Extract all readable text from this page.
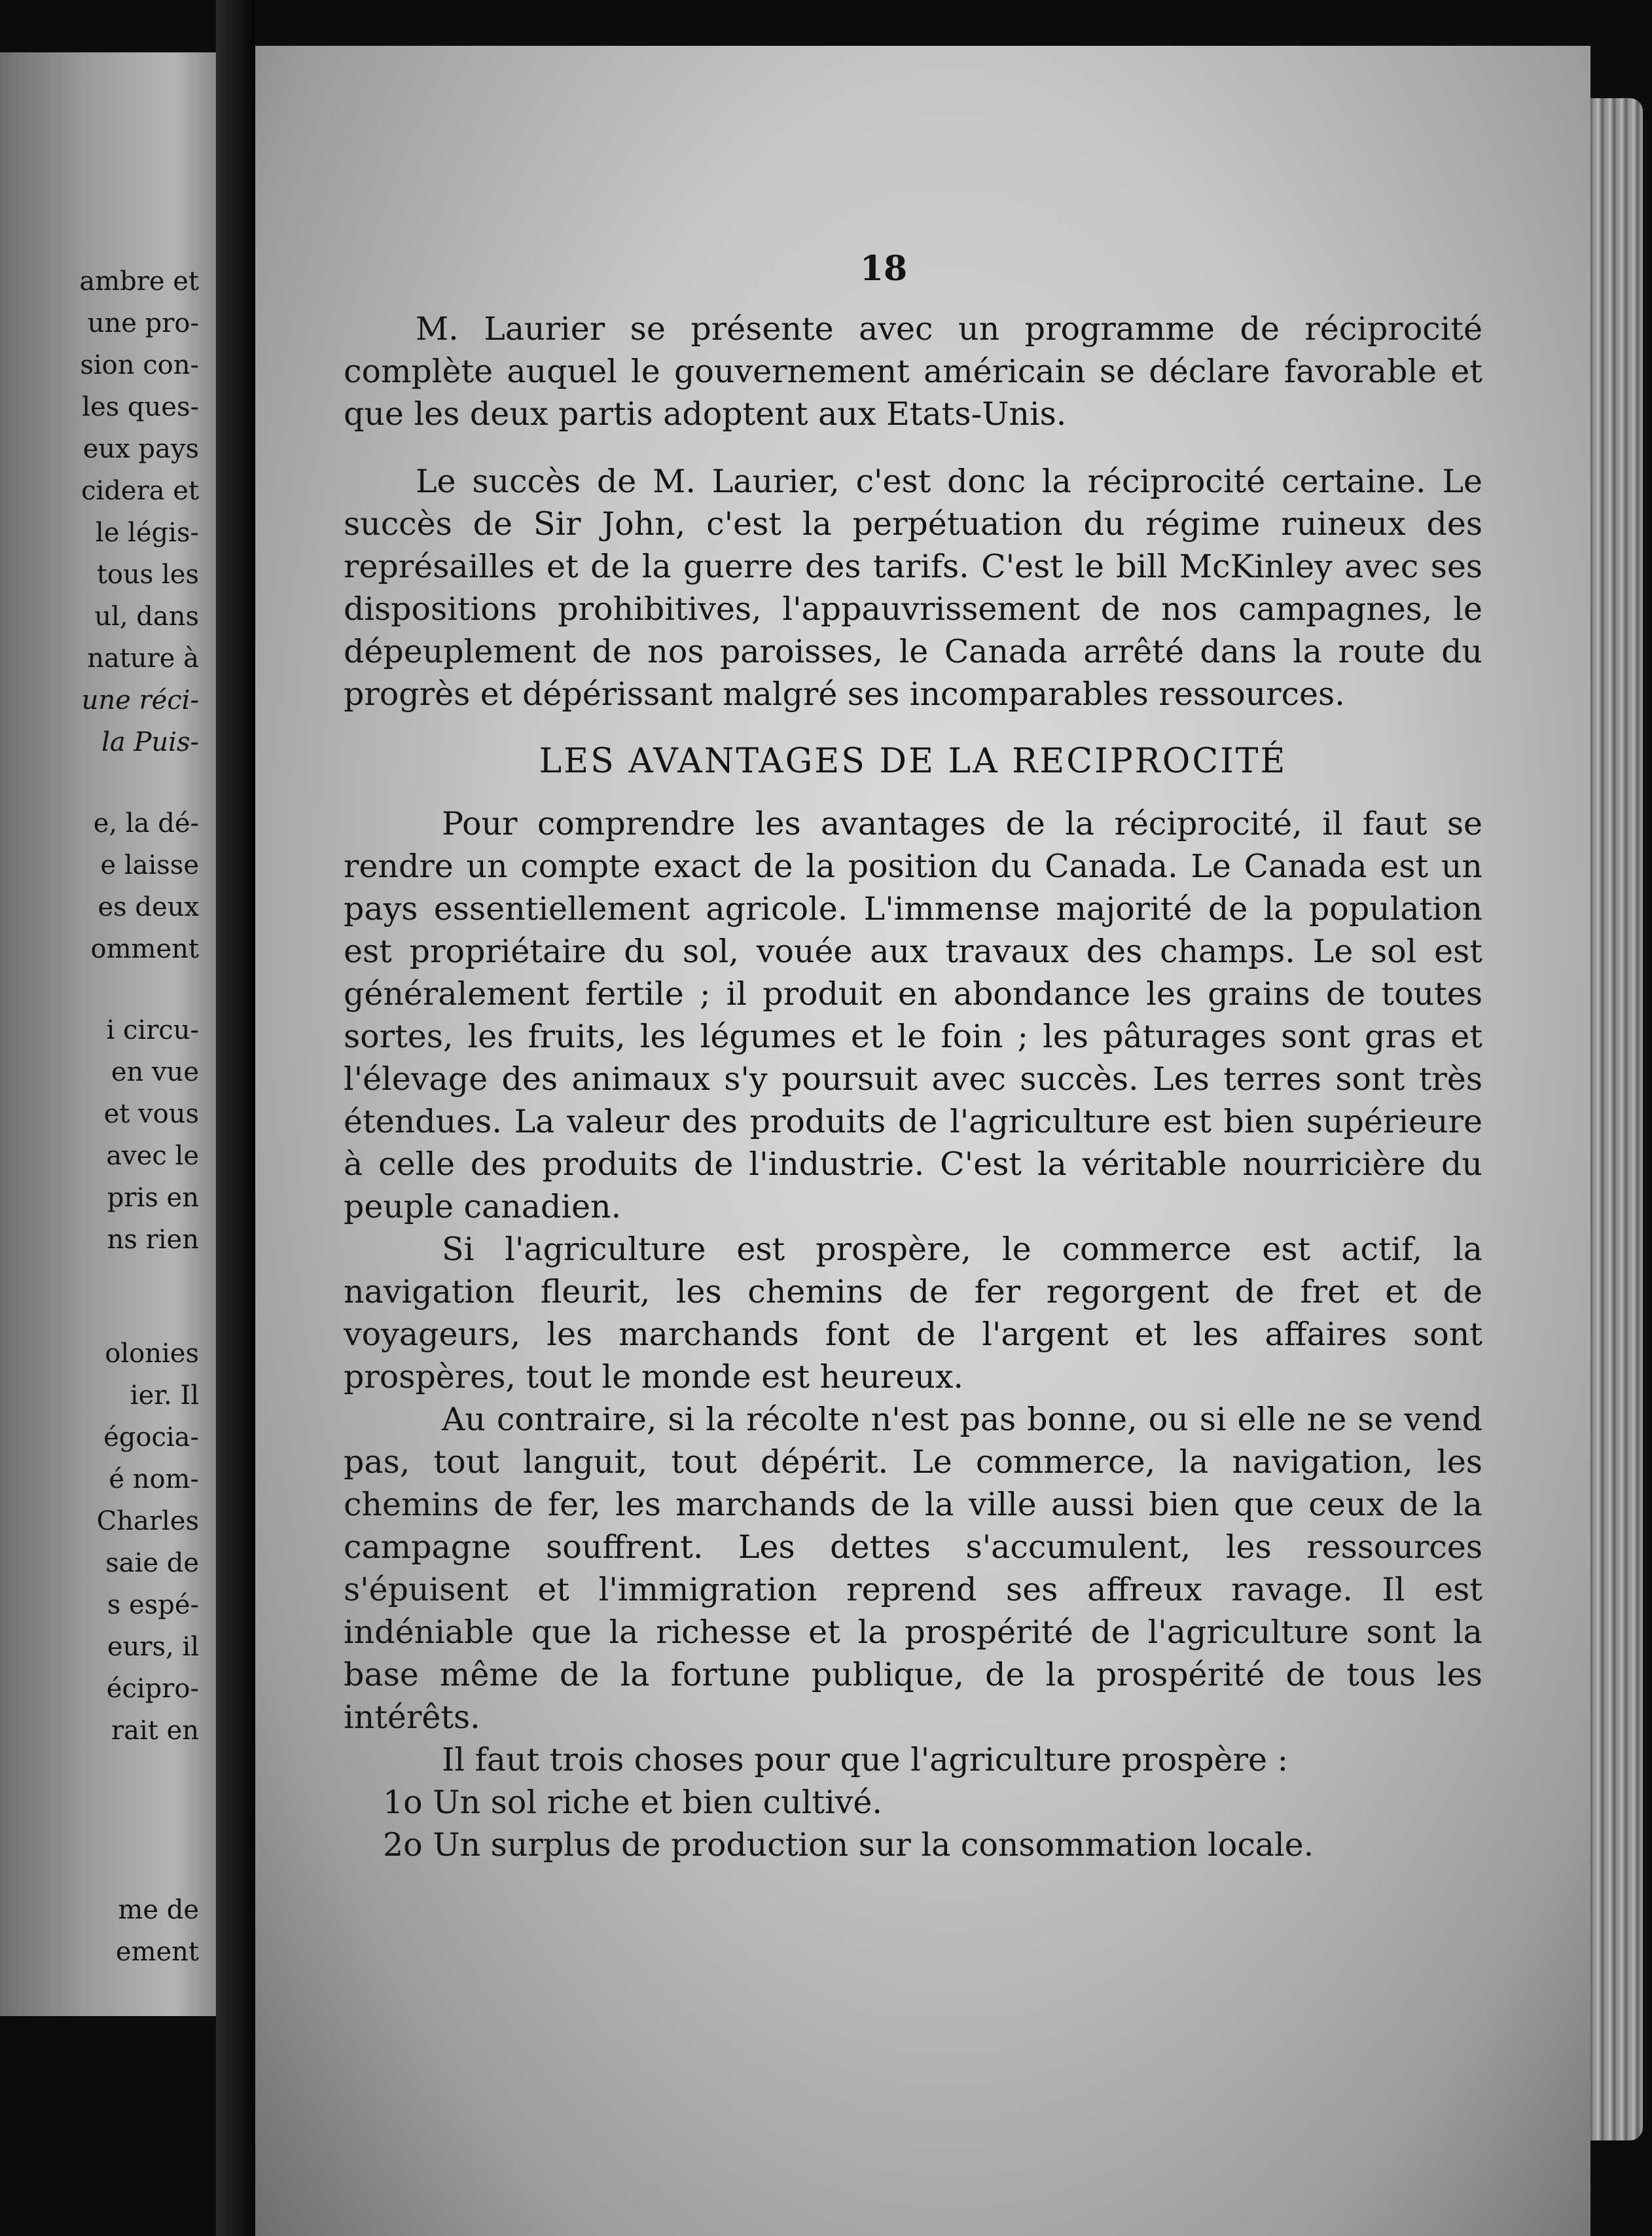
ambre et
une pro-
sion con-
les ques-
eux pays
cidera et
le légis-
tous les
ul, dans
nature à
une réci-
la Puis-
e, la dé-
e laisse
es deux
omment
i circu-
en vue
et vous
avec le
pris en
ns rien
olonies
ier. Il
égocia-
é nom-
Charles
saie de
s espé-
eurs, il
écipro-
rait en
me de
ement
18

M. Laurier se présente avec un programme de réciprocité complète auquel le gouvernement américain se déclare favorable et que les deux partis adoptent aux Etats-Unis.

Le succès de M. Laurier, c'est donc la réciprocité certaine. Le succès de Sir John, c'est la perpétuation du régime ruineux des représailles et de la guerre des tarifs. C'est le bill McKinley avec ses dispositions prohibitives, l'appauvrissement de nos campagnes, le dépeuplement de nos paroisses, le Canada arrêté dans la route du progrès et dépérissant malgré ses incomparables ressources.

LES AVANTAGES DE LA RECIPROCITÉ

Pour comprendre les avantages de la réciprocité, il faut se rendre un compte exact de la position du Canada. Le Canada est un pays essentiellement agricole. L'immense majorité de la population est propriétaire du sol, vouée aux travaux des champs. Le sol est généralement fertile ; il produit en abondance les grains de toutes sortes, les fruits, les légumes et le foin ; les pâturages sont gras et l'élevage des animaux s'y poursuit avec succès. Les terres sont très étendues. La valeur des produits de l'agriculture est bien supérieure à celle des produits de l'industrie. C'est la véritable nourricière du peuple canadien.

Si l'agriculture est prospère, le commerce est actif, la navigation fleurit, les chemins de fer regorgent de fret et de voyageurs, les marchands font de l'argent et les affaires sont prospères, tout le monde est heureux.

Au contraire, si la récolte n'est pas bonne, ou si elle ne se vend pas, tout languit, tout dépérit. Le commerce, la navigation, les chemins de fer, les marchands de la ville aussi bien que ceux de la campagne souffrent. Les dettes s'accumulent, les ressources s'épuisent et l'immigration reprend ses affreux ravage. Il est indéniable que la richesse et la prospérité de l'agriculture sont la base même de la fortune publique, de la prospérité de tous les intérêts.

Il faut trois choses pour que l'agriculture prospère :

1o Un sol riche et bien cultivé.

2o Un surplus de production sur la consommation locale.
